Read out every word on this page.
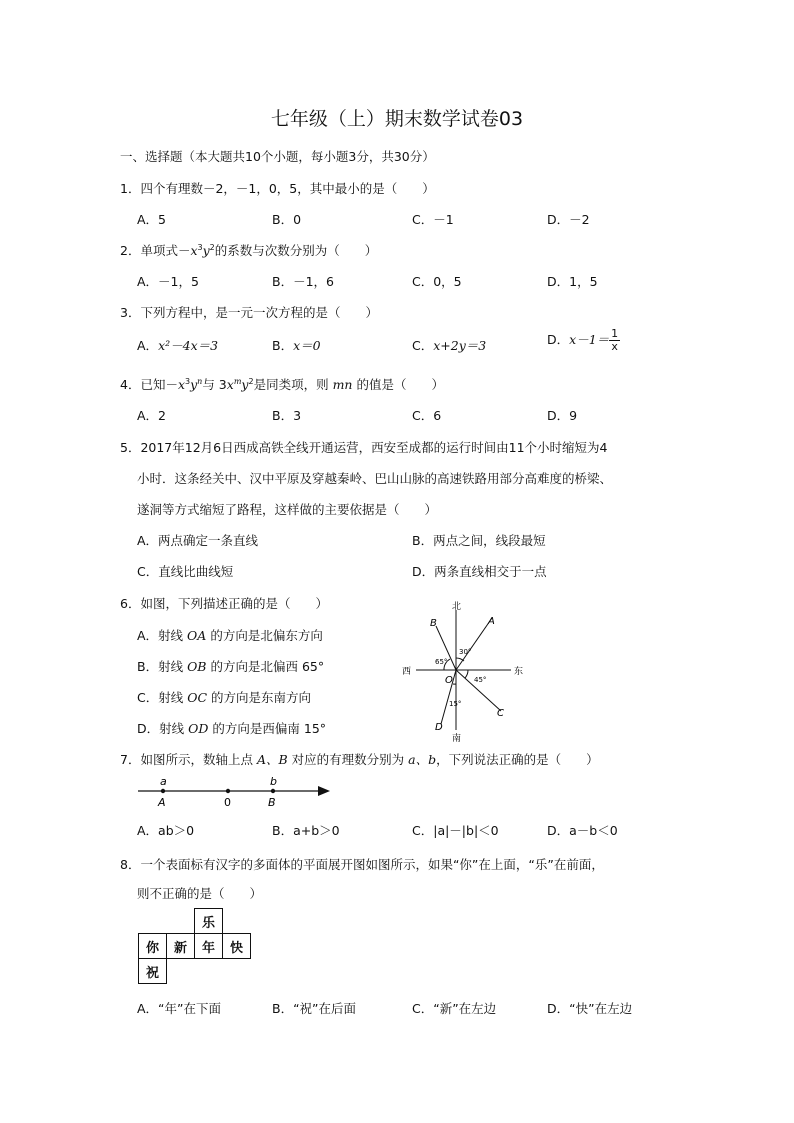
七年级（上）期末数学试卷03
一、选择题（本大题共10个小题，每小题3分，共30分）
1．四个有理数－2，－1，0，5，其中最小的是（　　）
A．5	B．0	C．－1	D．－2
2．单项式$-x^3y^2$的系数与次数分别为（　　）
A．－1，5	B．－1，6	C．0，5	D．1，5
3．下列方程中，是一元一次方程的是（　　）
A．x²－4x＝3	B．x＝0	C．x+2y＝3	D．$x-1= \frac{1}{x}$
4．已知$-x^3y^n$与 $3x^my^2$是同类项，则 mn 的值是（　　）
A．2	B．3	C．6	D．9
5．2017年12月6日西成高铁全线开通运营，西安至成都的运行时间由11个小时缩短为4
小时．这条经关中、汉中平原及穿越秦岭、巴山山脉的高速铁路用部分高难度的桥梁、
遂洞等方式缩短了路程，这样做的主要依据是（　　）
A．两点确定一条直线	B．两点之间，线段最短
C．直线比曲线短	D．两条直线相交于一点
6．如图，下列描述正确的是（　　）
A．射线 OA 的方向是北偏东方向
B．射线 OB 的方向是北偏西 65°
C．射线 OC 的方向是东南方向
D．射线 OD 的方向是西偏南 15°
北
南
东
西
A
B
C
D
O
30°
65°
45°
15°
7．如图所示，数轴上点 A、B 对应的有理数分别为 a、b，下列说法正确的是（　　）
a
A	0
b
B
A．ab＞0	B．a+b＞0	C．|a|－|b|＜0	D．a－b＜0
8．一个表面标有汉字的多面体的平面展开图如图所示，如果“你”在上面，“乐”在前面，
则不正确的是（　　）
		乐	
你	新	年	快
祝			
A．“年”在下面	B．“祝”在后面	C．“新”在左边	D．“快”在左边
